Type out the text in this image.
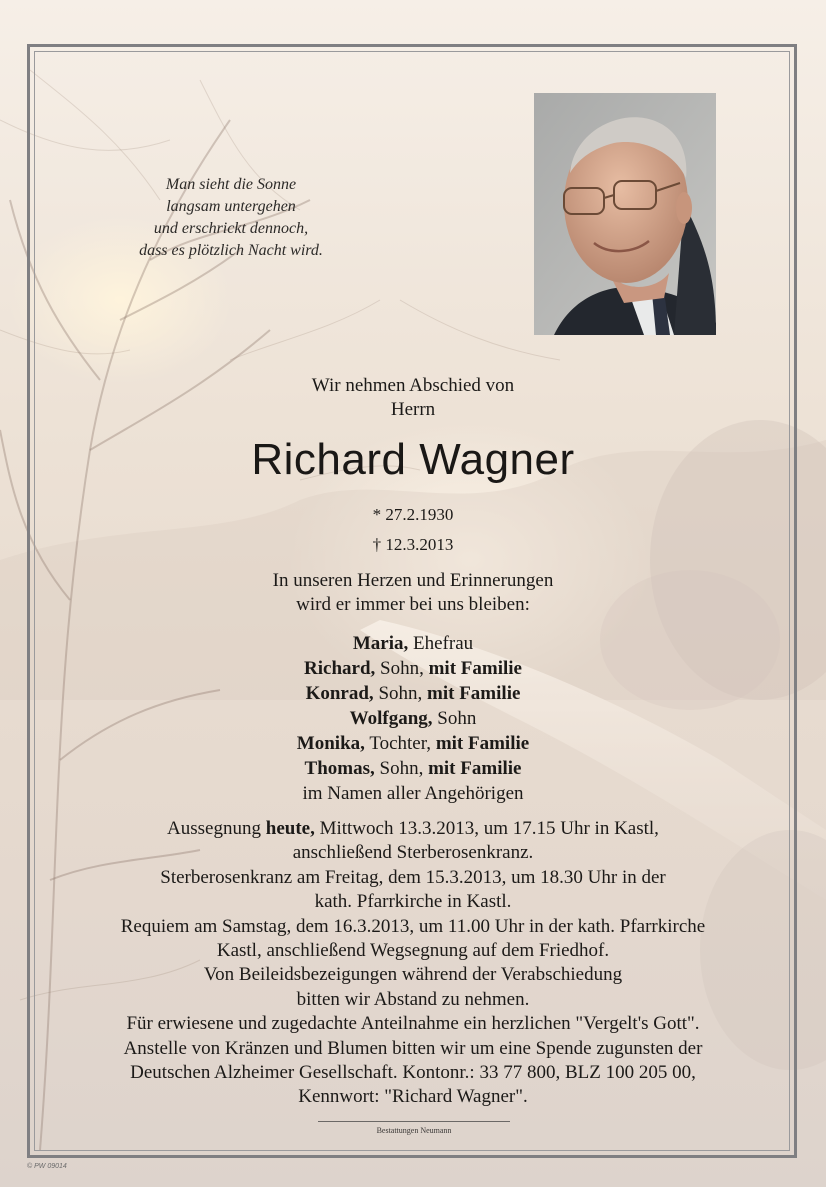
Man sieht die Sonne
langsam untergehen
und erschrickt dennoch,
dass es plötzlich Nacht wird.
Wir nehmen Abschied von
Herrn
Richard Wagner
* 27.2.1930
† 12.3.2013
In unseren Herzen und Erinnerungen
wird er immer bei uns bleiben:
Maria, Ehefrau
Richard, Sohn, mit Familie
Konrad, Sohn, mit Familie
Wolfgang, Sohn
Monika, Tochter, mit Familie
Thomas, Sohn, mit Familie
im Namen aller Angehörigen
Aussegnung heute, Mittwoch 13.3.2013, um 17.15 Uhr in Kastl,
anschließend Sterberosenkranz.
Sterberosenkranz am Freitag, dem 15.3.2013, um 18.30 Uhr in der
kath. Pfarrkirche in Kastl.
Requiem am Samstag, dem 16.3.2013, um 11.00 Uhr in der kath. Pfarrkirche
Kastl, anschließend Wegsegnung auf dem Friedhof.
Von Beileidsbezeigungen während der Verabschiedung
bitten wir Abstand zu nehmen.
Für erwiesene und zugedachte Anteilnahme ein herzlichen "Vergelt's Gott".
Anstelle von Kränzen und Blumen bitten wir um eine Spende zugunsten der
Deutschen Alzheimer Gesellschaft. Kontonr.: 33 77 800, BLZ 100 205 00,
Kennwort: "Richard Wagner".
Bestattungen Neumann
© PW 09014
